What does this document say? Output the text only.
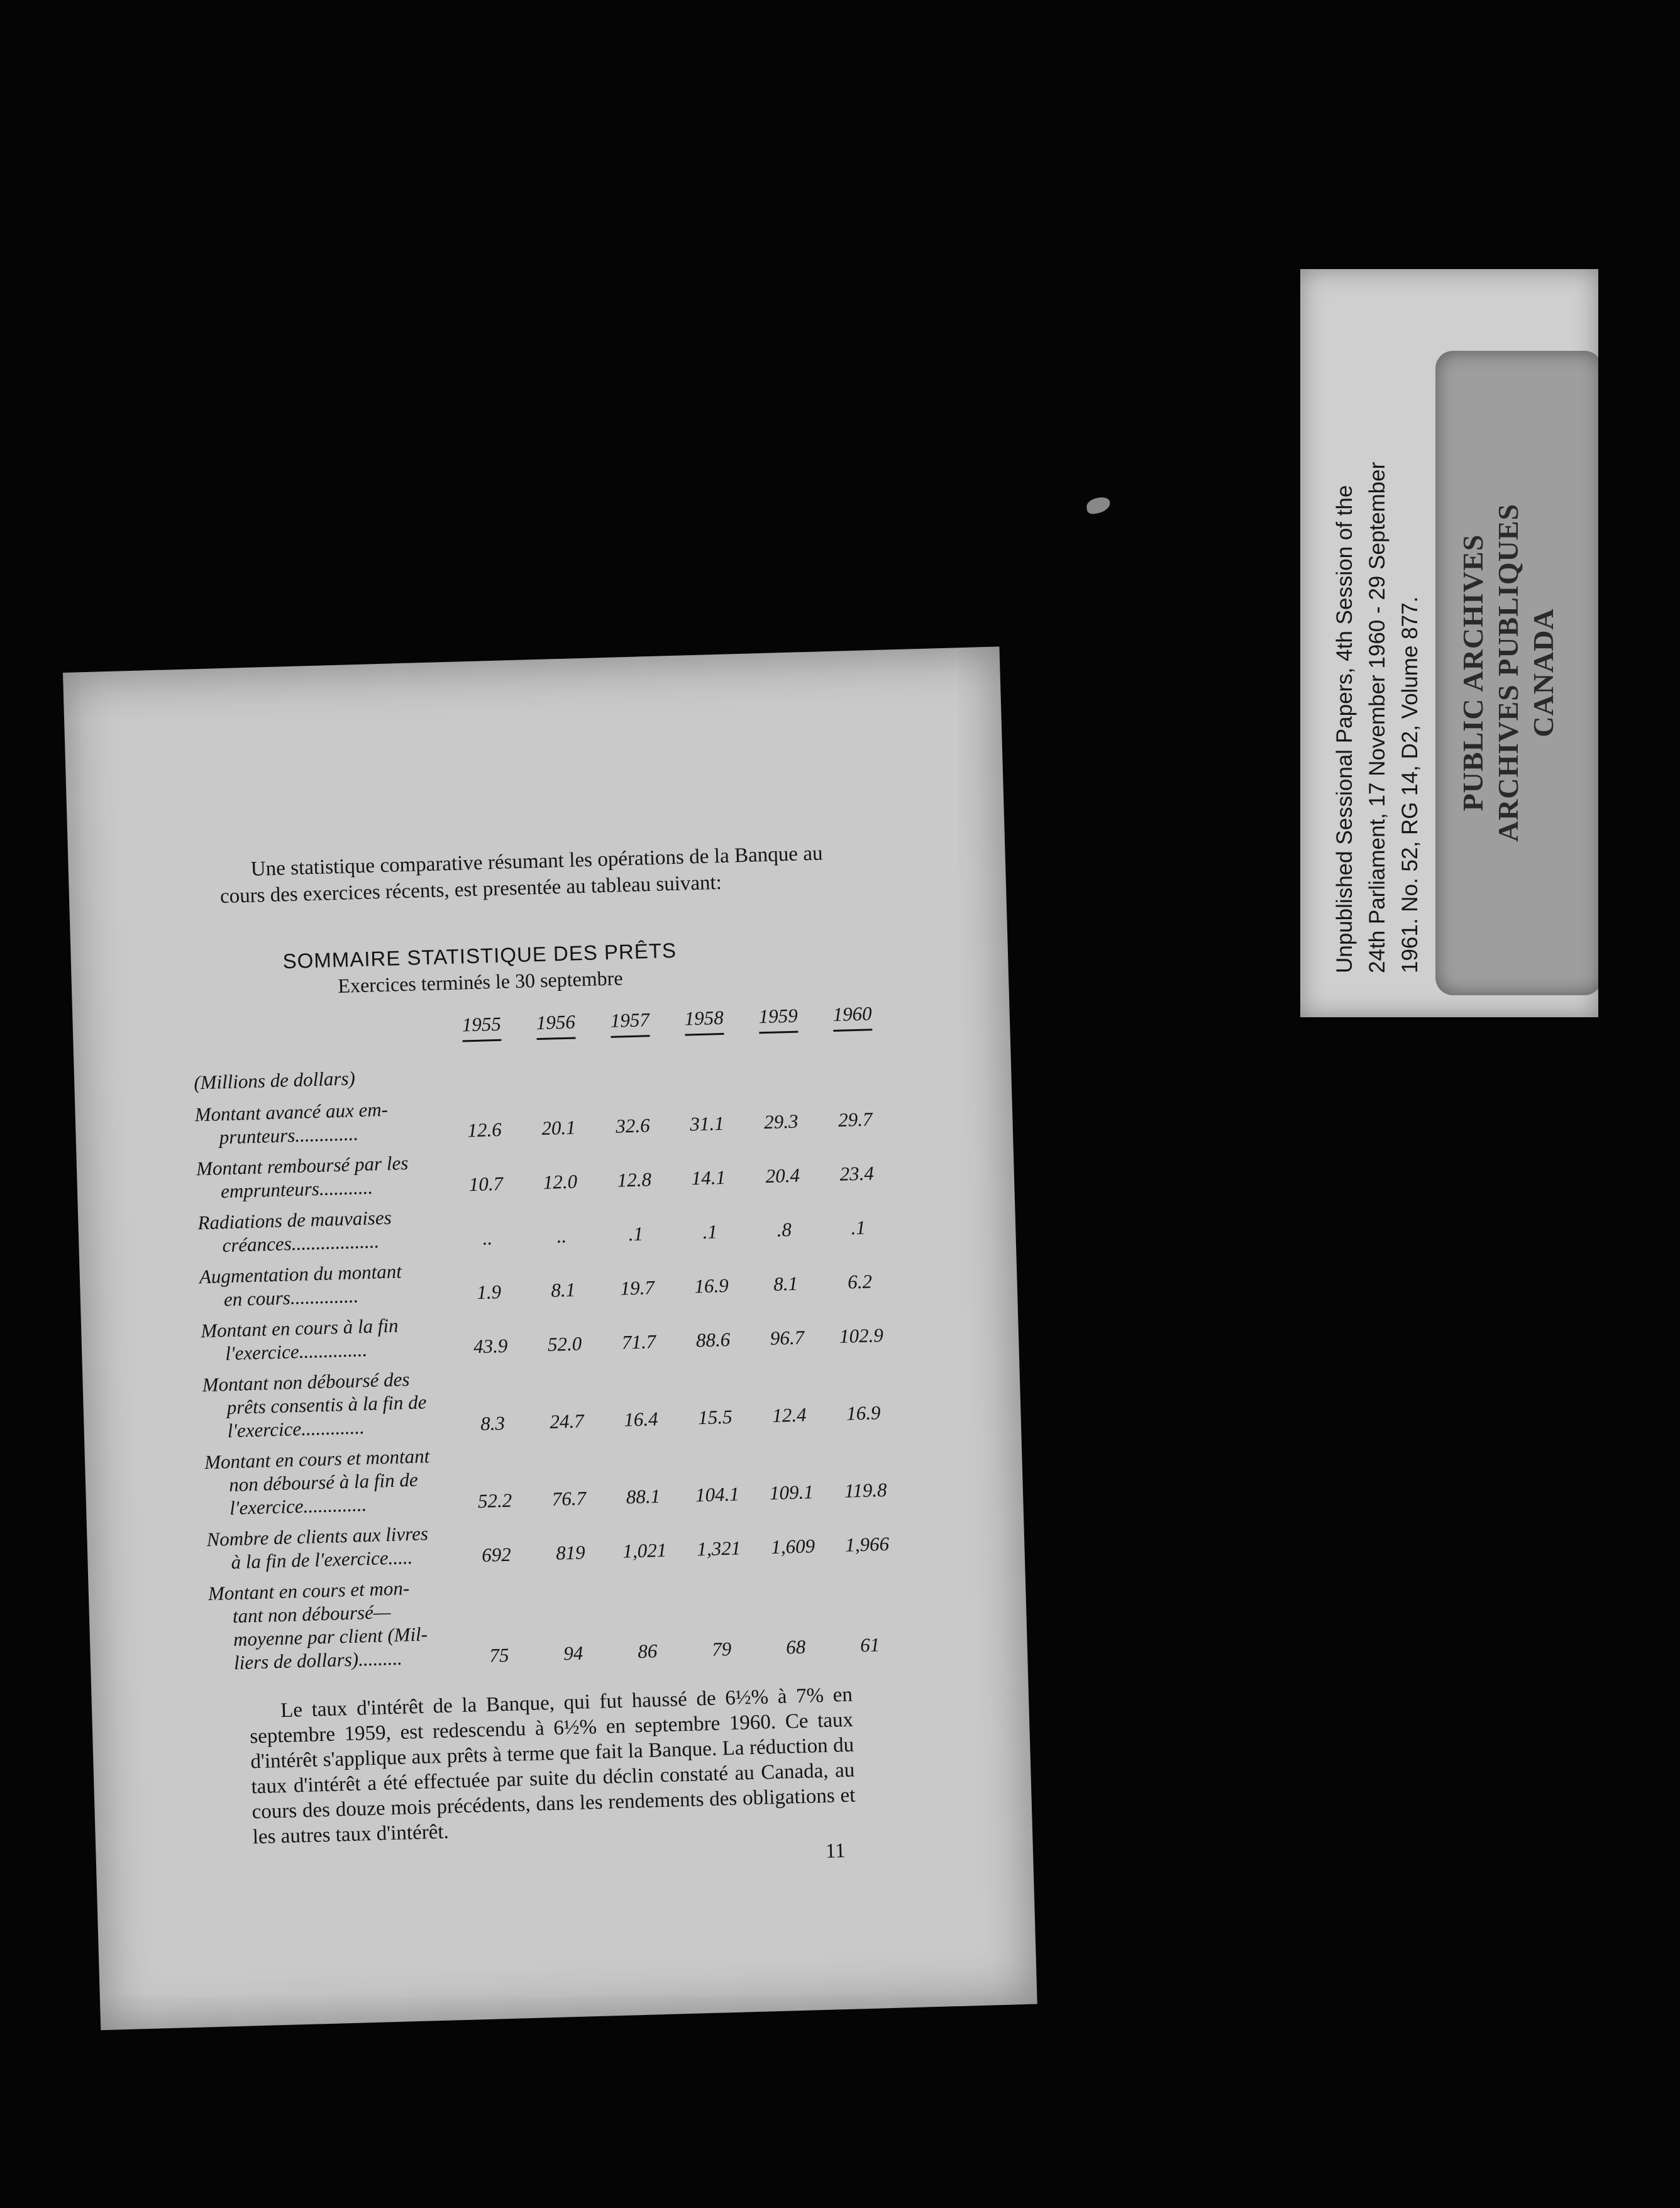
Unpublished Sessional Papers, 4th Session of the 24th Parliament, 17 November 1960 - 29 September 1961. No. 52, RG 14, D2, Volume 877. PUBLIC ARCHIVES ARCHIVES PUBLIQUES CANADA

Une statistique comparative résumant les opérations de la Banque au cours des exercices récents, est presentée au tableau suivant:

SOMMAIRE STATISTIQUE DES PRÊTS
Exercices terminés le 30 septembre
1955	1956	1957	1958	1959	1960
(Millions de dollars)
Montant avancé aux em-
prunteurs.............	12.6	20.1	32.6	31.1	29.3	29.7
Montant remboursé par les
emprunteurs...........	10.7	12.0	12.8	14.1	20.4	23.4
Radiations de mauvaises
créances..................	..	..	.1	.1	.8	.1
Augmentation du montant
en cours..............	1.9	8.1	19.7	16.9	8.1	6.2
Montant en cours à la fin
l'exercice..............	43.9	52.0	71.7	88.6	96.7	102.9
Montant non déboursé des
prêts consentis à la fin de
l'exercice.............	8.3	24.7	16.4	15.5	12.4	16.9
Montant en cours et montant
non déboursé à la fin de
l'exercice.............	52.2	76.7	88.1	104.1	109.1	119.8
Nombre de clients aux livres
à la fin de l'exercice.....	692	819	1,021	1,321	1,609	1,966
Montant en cours et mon-
tant non déboursé—
moyenne par client (Mil-
liers de dollars).........	75	94	86	79	68	61

Le taux d'intérêt de la Banque, qui fut haussé de 6½% à 7% en septembre 1959, est redescendu à 6½% en septembre 1960. Ce taux d'intérêt s'applique aux prêts à terme que fait la Banque. La réduction du taux d'intérêt a été effectuée par suite du déclin constaté au Canada, au cours des douze mois précédents, dans les rendements des obligations et les autres taux d'intérêt.

11
